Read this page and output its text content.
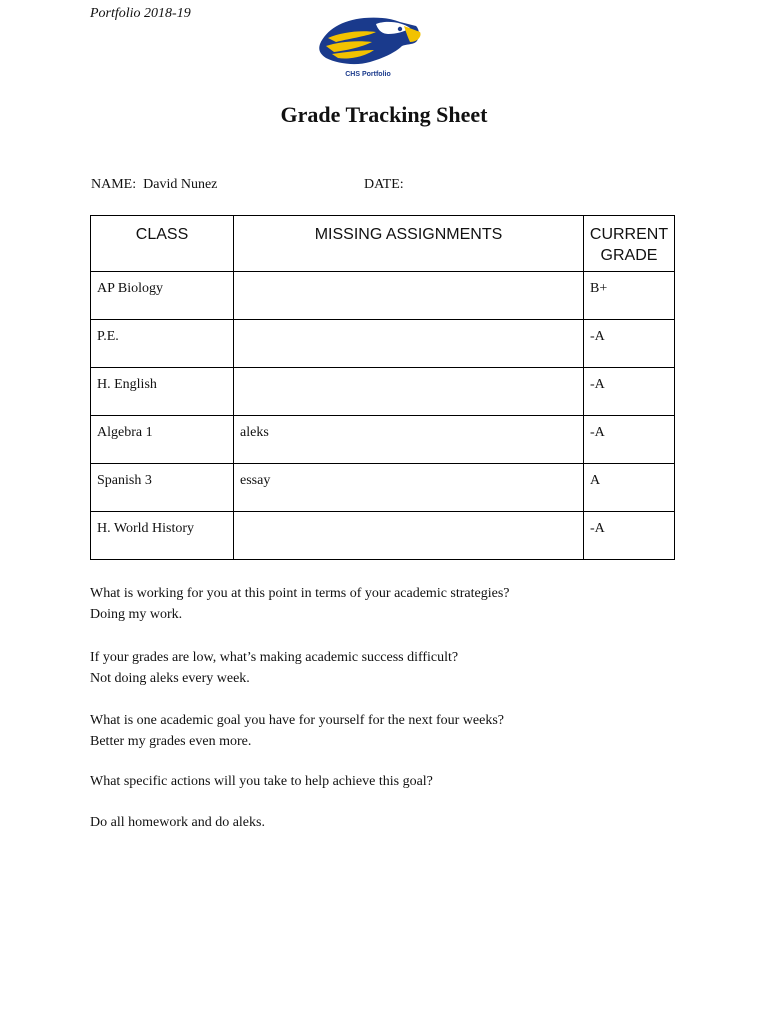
Portfolio 2018-19
CHS Portfolio
Grade Tracking Sheet
NAME: David Nunez	DATE:
CLASS	MISSING ASSIGNMENTS	CURRENT
GRADE
AP Biology		B+
P.E.		-A
H. English		-A
Algebra 1	aleks	-A
Spanish 3	essay	A
H. World History		-A
What is working for you at this point in terms of your academic strategies?
Doing my work.
If your grades are low, what’s making academic success difficult?
Not doing aleks every week.
What is one academic goal you have for yourself for the next four weeks?
Better my grades even more.
What specific actions will you take to help achieve this goal?
Do all homework and do aleks.
